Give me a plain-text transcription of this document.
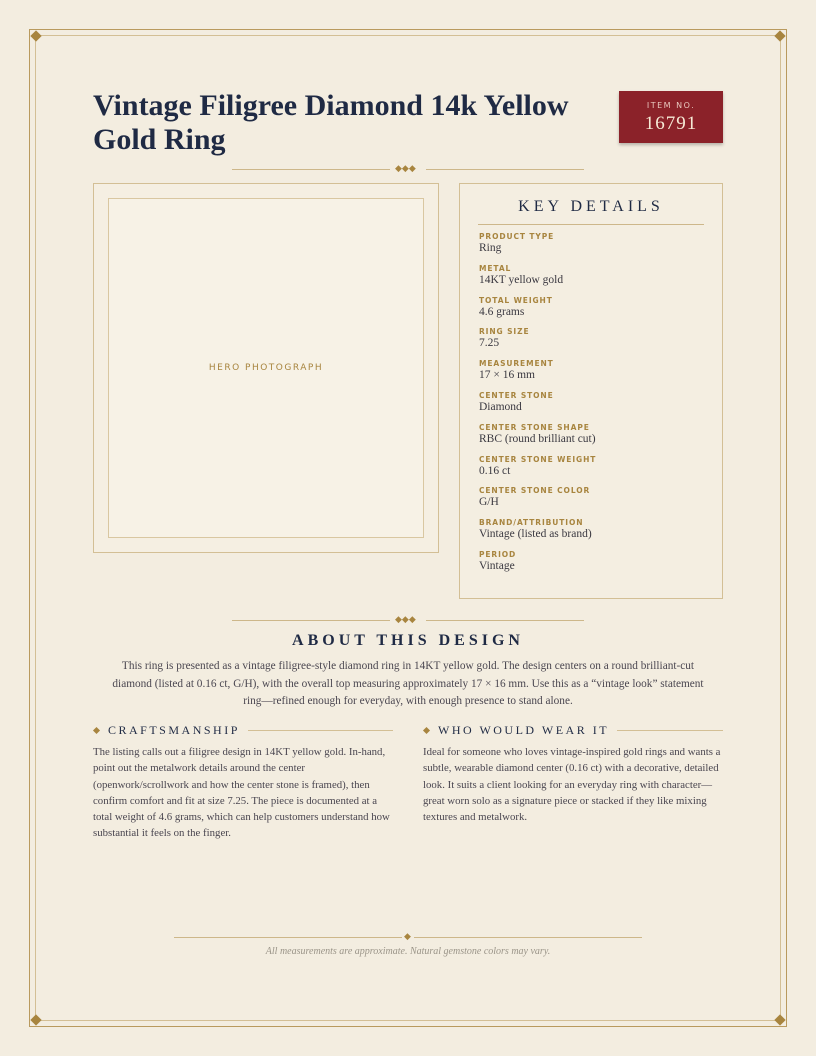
Vintage Filigree Diamond 14k Yellow Gold Ring
ITEM NO.
16791
◆◆◆
HERO PHOTOGRAPH
KEY DETAILS
PRODUCT TYPE
Ring
METAL
14KT yellow gold
TOTAL WEIGHT
4.6 grams
RING SIZE
7.25
MEASUREMENT
17 × 16 mm
CENTER STONE
Diamond
CENTER STONE SHAPE
RBC (round brilliant cut)
CENTER STONE WEIGHT
0.16 ct
CENTER STONE COLOR
G/H
BRAND/ATTRIBUTION
Vintage (listed as brand)
PERIOD
Vintage
◆◆◆
ABOUT THIS DESIGN

This ring is presented as a vintage filigree-style diamond ring in 14KT yellow gold. The design centers on a round brilliant-cut diamond (listed at 0.16 ct, G/H), with the overall top measuring approximately 17 × 16 mm. Use this as a “vintage look” statement ring—refined enough for everyday, with enough presence to stand alone.

CRAFTSMANSHIP

The listing calls out a filigree design in 14KT yellow gold. In-hand, point out the metalwork details around the center (openwork/scrollwork and how the center stone is framed), then confirm comfort and fit at size 7.25. The piece is documented at a total weight of 4.6 grams, which can help customers understand how substantial it feels on the finger.

WHO WOULD WEAR IT

Ideal for someone who loves vintage-inspired gold rings and wants a subtle, wearable diamond center (0.16 ct) with a decorative, detailed look. It suits a client looking for an everyday ring with character—great worn solo as a signature piece or stacked if they like mixing textures and metalwork.

◆

All measurements are approximate. Natural gemstone colors may vary.
